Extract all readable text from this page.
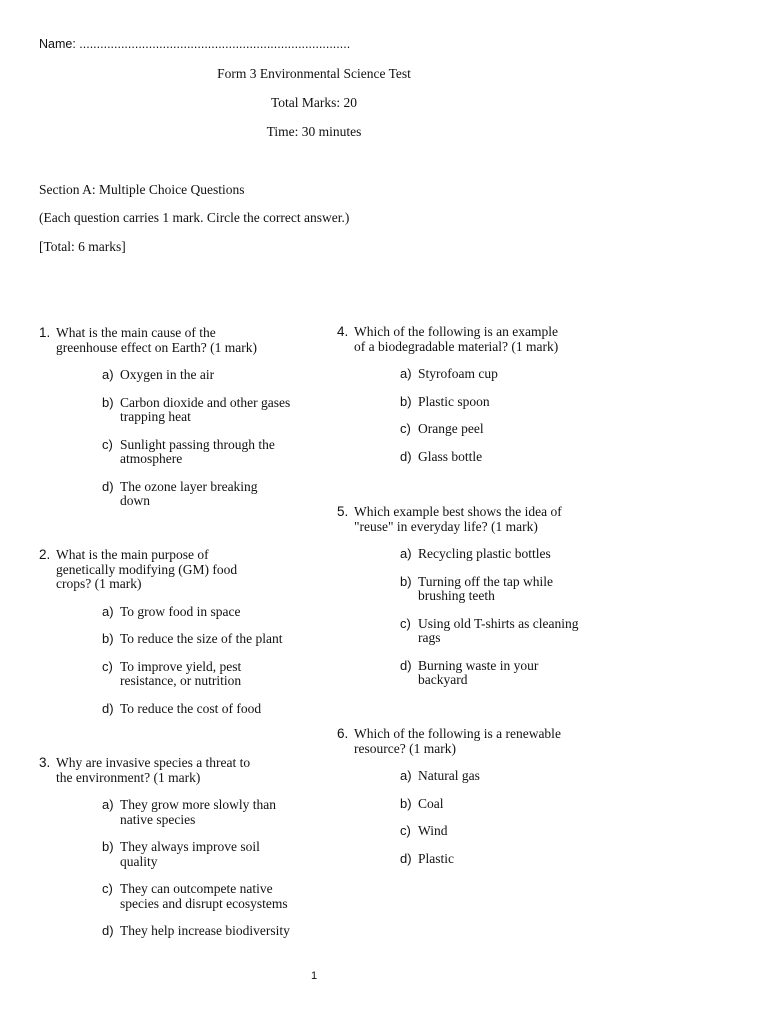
Name: ..............................................................................
Form 3 Environmental Science Test
Total Marks: 20
Time: 30 minutes
Section A: Multiple Choice Questions
(Each question carries 1 mark. Circle the correct answer.)
[Total: 6 marks]
1. What is the main cause of the
greenhouse effect on Earth? (1 mark)
a) Oxygen in the air
b) Carbon dioxide and other gases
trapping heat
c) Sunlight passing through the
atmosphere
d) The ozone layer breaking
down
2. What is the main purpose of
genetically modifying (GM) food
crops? (1 mark)
a) To grow food in space
b) To reduce the size of the plant
c) To improve yield, pest
resistance, or nutrition
d) To reduce the cost of food
3. Why are invasive species a threat to
the environment? (1 mark)
a) They grow more slowly than
native species
b) They always improve soil
quality
c) They can outcompete native
species and disrupt ecosystems
d) They help increase biodiversity
4. Which of the following is an example
of a biodegradable material? (1 mark)
a) Styrofoam cup
b) Plastic spoon
c) Orange peel
d) Glass bottle
5. Which example best shows the idea of
"reuse" in everyday life? (1 mark)
a) Recycling plastic bottles
b) Turning off the tap while
brushing teeth
c) Using old T-shirts as cleaning
rags
d) Burning waste in your
backyard
6. Which of the following is a renewable
resource? (1 mark)
a) Natural gas
b) Coal
c) Wind
d) Plastic
1
